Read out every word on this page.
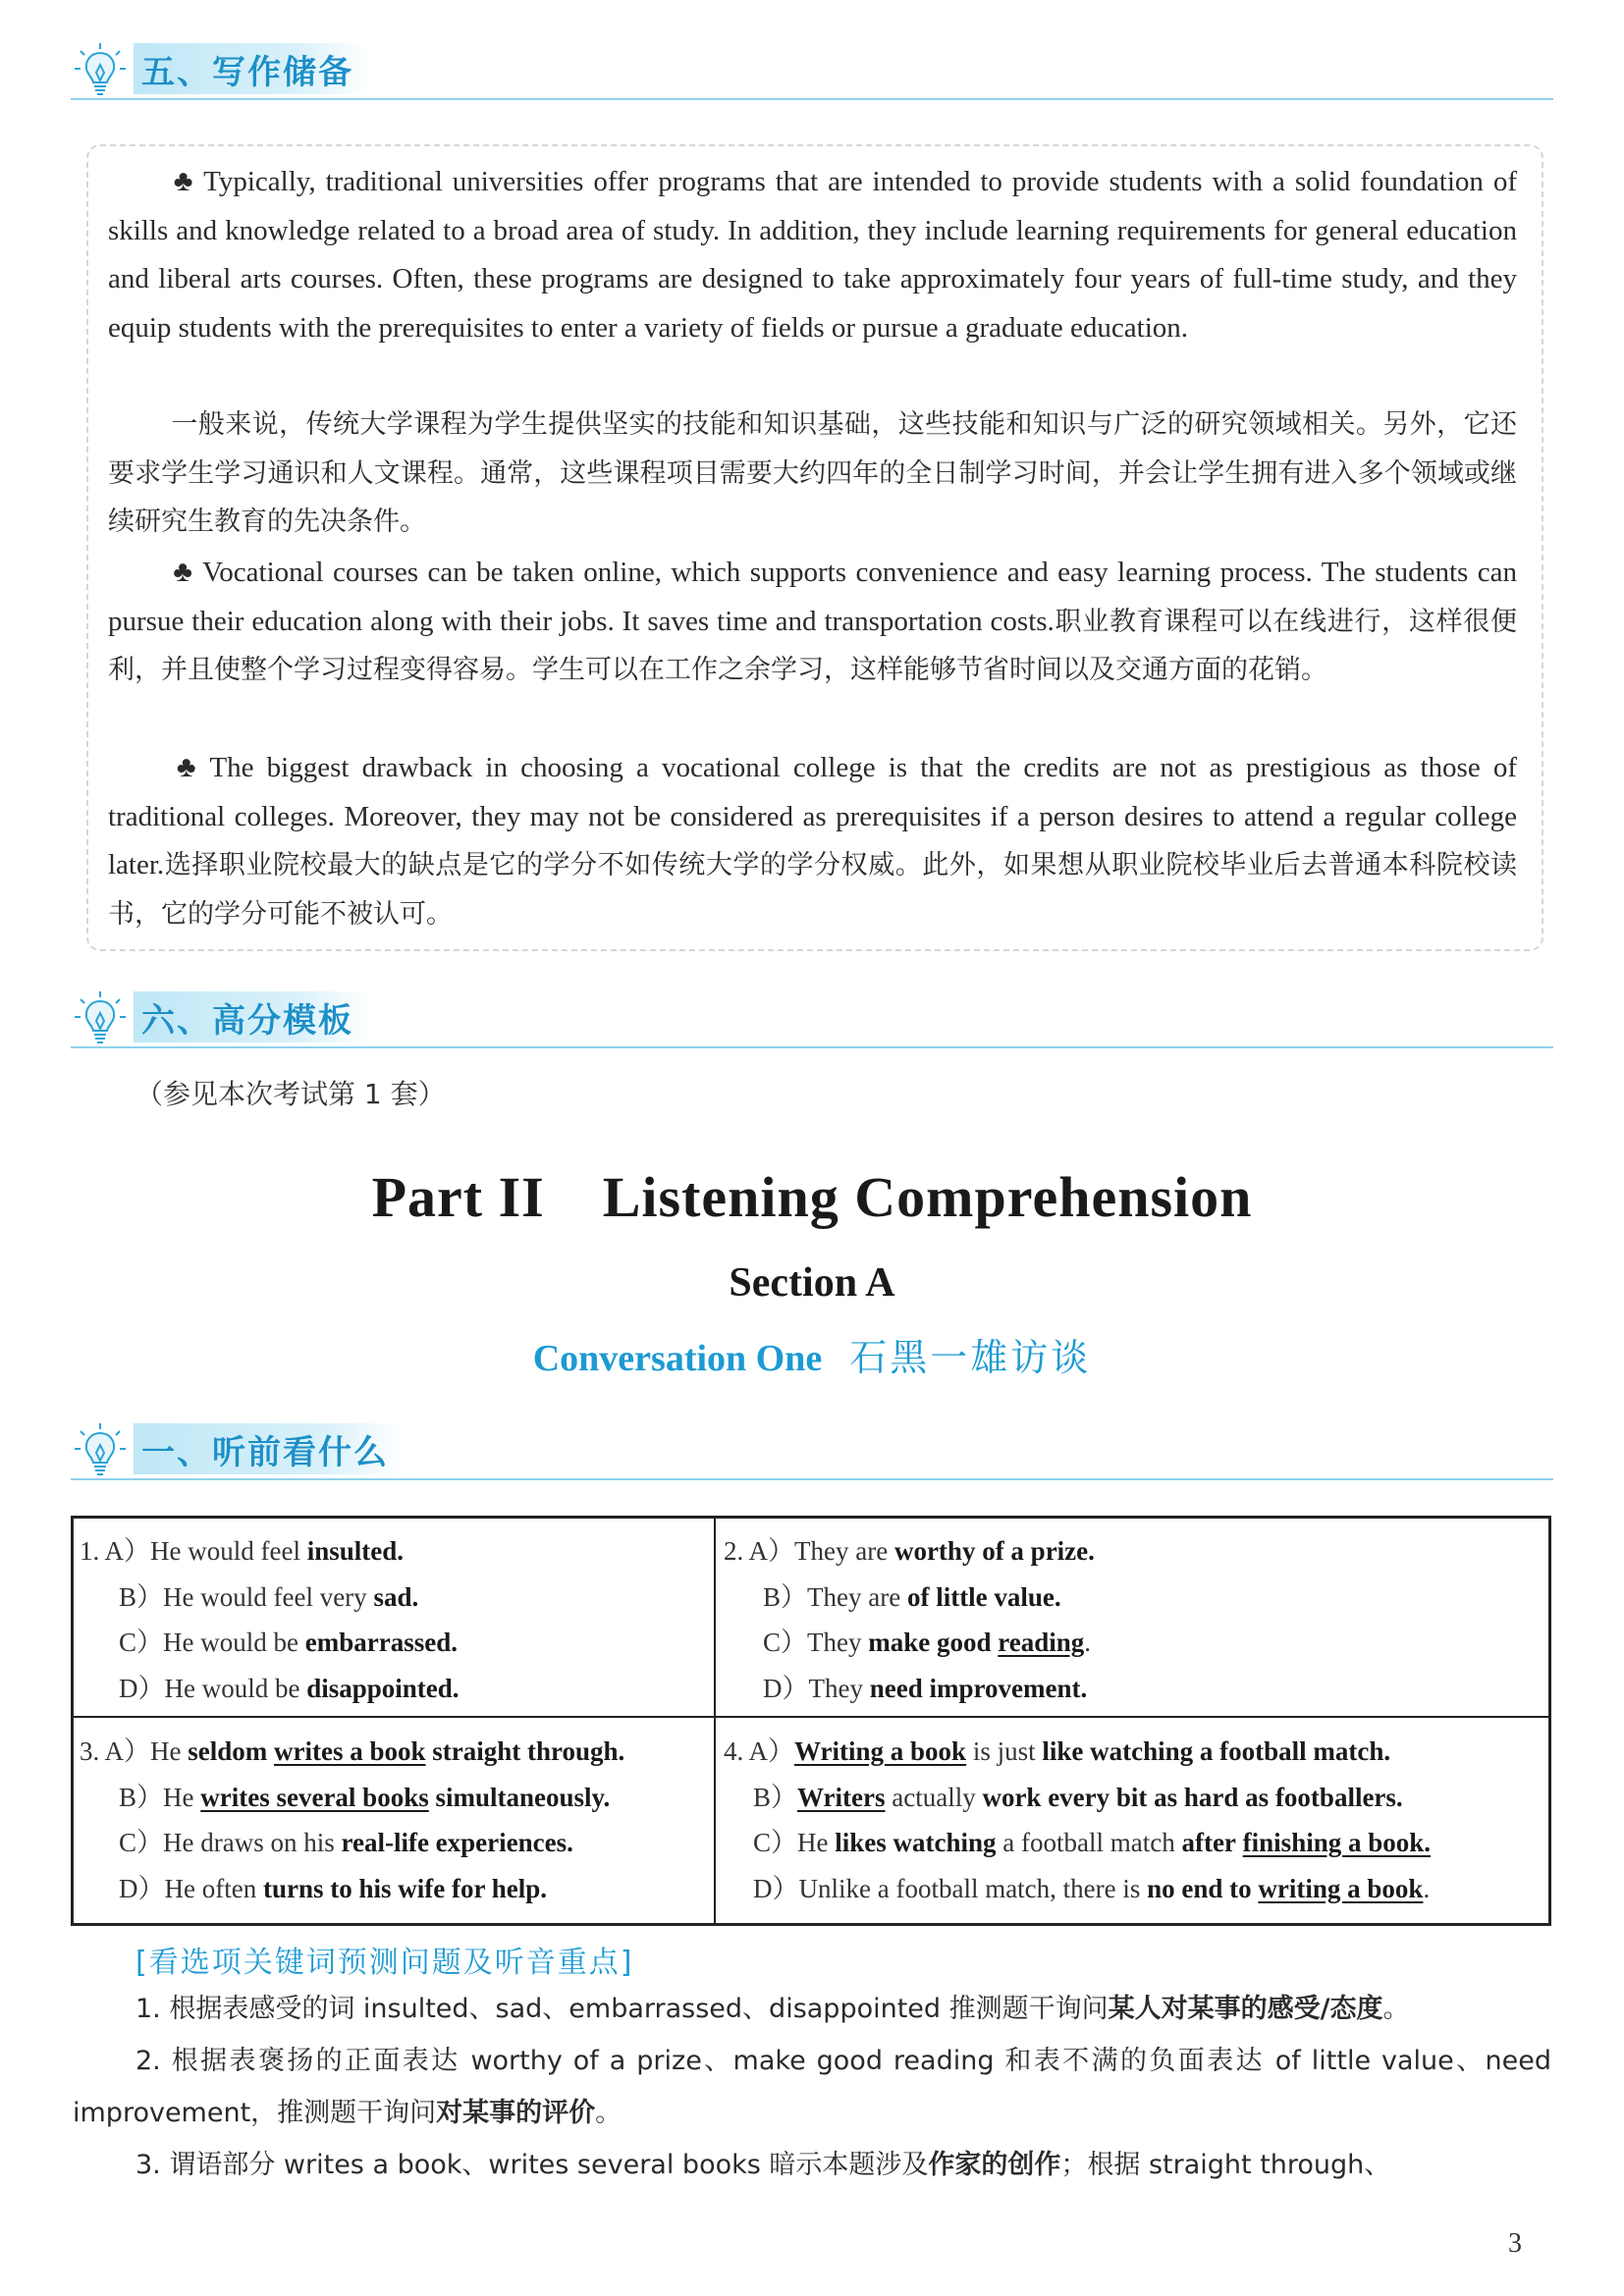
五、写作储备

♣ Typically, traditional universities offer programs that are intended to provide students with a solid foundation of skills and knowledge related to a broad area of study. In addition, they include learning requirements for general education and liberal arts courses. Often, these programs are designed to take approximately four years of full-time study, and they equip students with the prerequisites to enter a variety of fields or pursue a graduate education.

一般来说，传统大学课程为学生提供坚实的技能和知识基础，这些技能和知识与广泛的研究领域相关。另外，它还要求学生学习通识和人文课程。通常，这些课程项目需要大约四年的全日制学习时间，并会让学生拥有进入多个领域或继续研究生教育的先决条件。

♣ Vocational courses can be taken online, which supports convenience and easy learning process. The students can pursue their education along with their jobs. It saves time and transportation costs.职业教育课程可以在线进行，这样很便利，并且使整个学习过程变得容易。学生可以在工作之余学习，这样能够节省时间以及交通方面的花销。

♣ The biggest drawback in choosing a vocational college is that the credits are not as prestigious as those of traditional colleges. Moreover, they may not be considered as prerequisites if a person desires to attend a regular college later.选择职业院校最大的缺点是它的学分不如传统大学的学分权威。此外，如果想从职业院校毕业后去普通本科院校读书，它的学分可能不被认可。

六、高分模板
（参见本次考试第 1 套）
Part II　Listening Comprehension
Section A
Conversation One 石黑一雄访谈
一、听前看什么
1. A）He would feel insulted.
B）He would feel very sad.
C）He would be embarrassed.
D）He would be disappointed.
2. A）They are worthy of a prize.
B）They are of little value.
C）They make good reading.
D）They need improvement.
3. A）He seldom writes a book straight through.
B）He writes several books simultaneously.
C）He draws on his real-life experiences.
D）He often turns to his wife for help.
4. A）Writing a book is just like watching a football match.
B）Writers actually work every bit as hard as footballers.
C）He likes watching a football match after finishing a book.
D）Unlike a football match, there is no end to writing a book.
[看选项关键词预测问题及听音重点]

1. 根据表感受的词 insulted、sad、embarrassed、disappointed 推测题干询问某人对某事的感受/态度。

2. 根据表褒扬的正面表达 worthy of a prize、make good reading 和表不满的负面表达 of little value、need improvement，推测题干询问对某事的评价。

3. 谓语部分 writes a book、writes several books 暗示本题涉及作家的创作；根据 straight through、

3
